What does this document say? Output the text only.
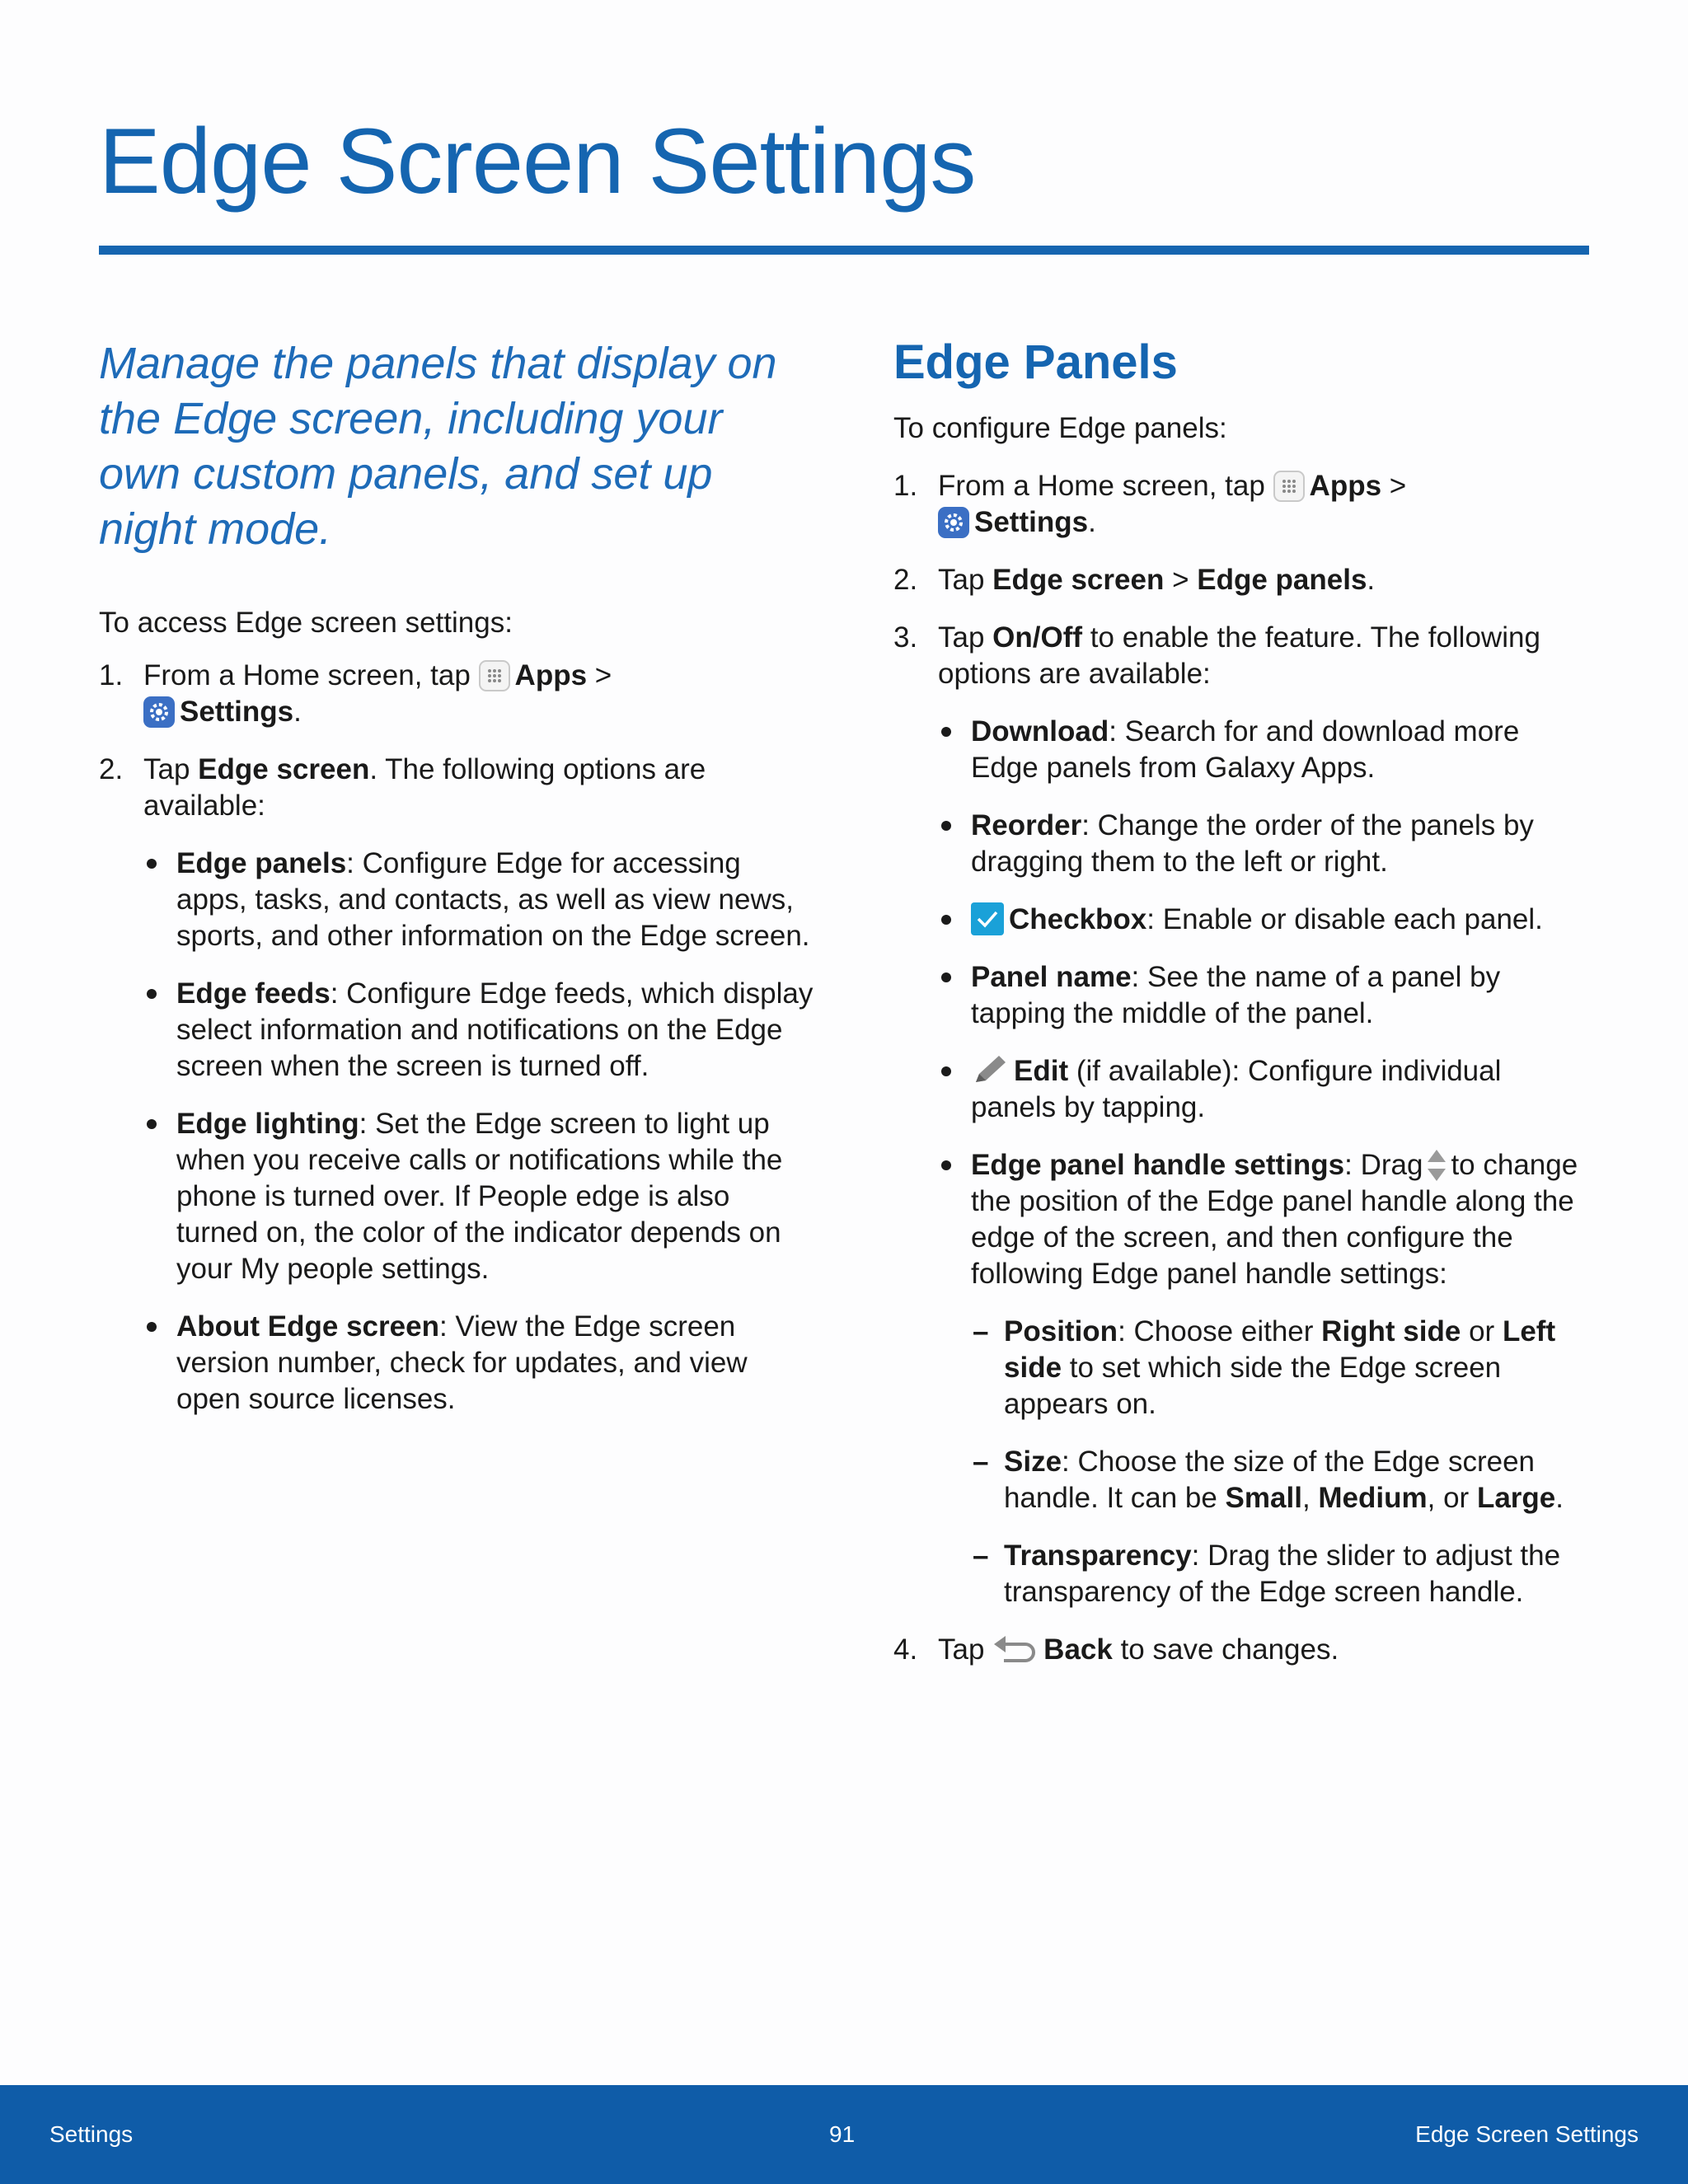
Edge Screen Settings

Manage the panels that display on the Edge screen, including your own custom panels, and set up night mode.

To access Edge screen settings:

1. From a Home screen, tap Apps >

Settings.
2. Tap Edge screen. The following options are available:
Edge panels: Configure Edge for accessing apps, tasks, and contacts, as well as view news, sports, and other information on the Edge screen.
Edge feeds: Configure Edge feeds, which display select information and notifications on the Edge screen when the screen is turned off.
Edge lighting: Set the Edge screen to light up when you receive calls or notifications while the phone is turned over. If People edge is also turned on, the color of the indicator depends on your My people settings.
About Edge screen: View the Edge screen version number, check for updates, and view open source licenses.
Edge Panels

To configure Edge panels:

1. From a Home screen, tap Apps >

Settings.
2. Tap Edge screen > Edge panels.
3. Tap On/Off to enable the feature. The following options are available:
Download: Search for and download more Edge panels from Galaxy Apps.
Reorder: Change the order of the panels by dragging them to the left or right.
Checkbox: Enable or disable each panel.
Panel name: See the name of a panel by tapping the middle of the panel.
Edit (if available): Configure individual panels by tapping.
Edge panel handle settings: Drag to change the position of the Edge panel handle along the edge of the screen, and then configure the following Edge panel handle settings:
– Position: Choose either Right side or Left side to set which side the Edge screen appears on.
– Size: Choose the size of the Edge screen handle. It can be Small, Medium, or Large.
– Transparency: Drag the slider to adjust the transparency of the Edge screen handle.
4. Tap Back to save changes.
Settings	91	Edge Screen Settings
